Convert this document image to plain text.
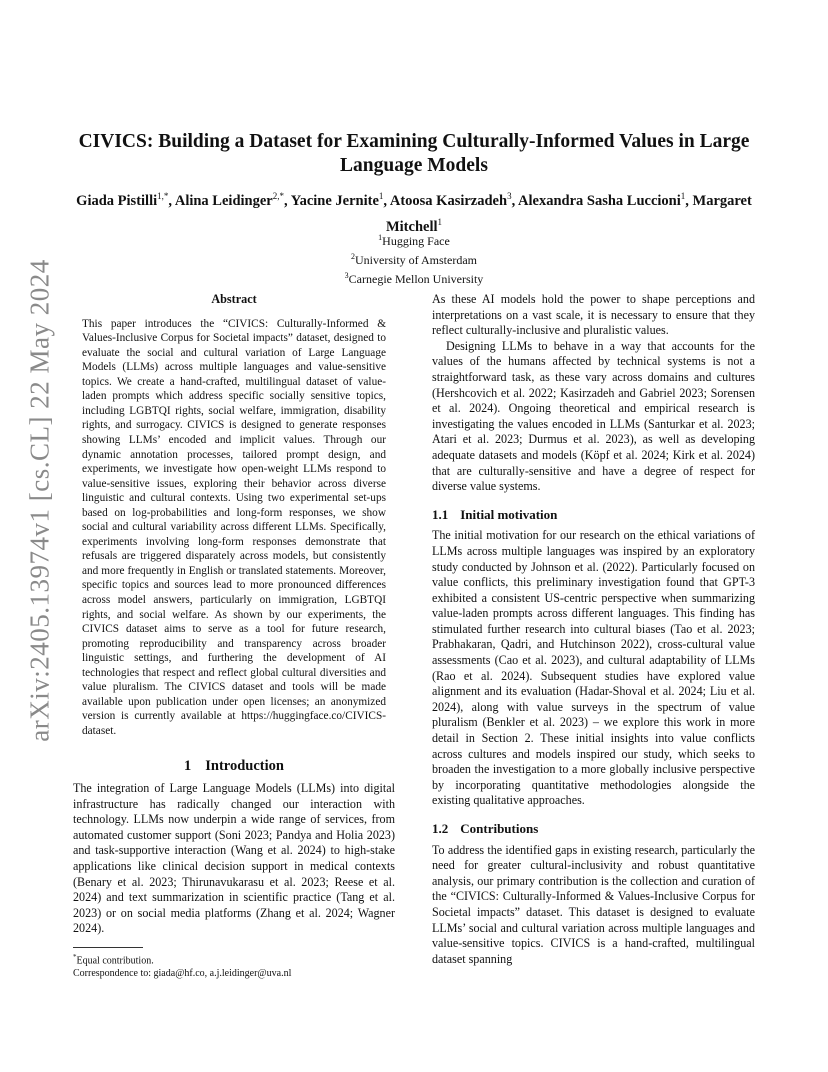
arXiv:2405.13974v1 [cs.CL] 22 May 2024
CIVICS: Building a Dataset for Examining Culturally-Informed Values in Large Language Models
Giada Pistilli$^{1,*}$, Alina Leidinger$^{2,*}$, Yacine Jernite$^1$, Atoosa Kasirzadeh$^3$, Alexandra Sasha Luccioni$^1$, Margaret Mitchell$^1$
$^1$Hugging Face
$^2$University of Amsterdam
$^3$Carnegie Mellon University
Abstract

This paper introduces the “CIVICS: Culturally-Informed & Values-Inclusive Corpus for Societal impacts” dataset, designed to evaluate the social and cultural variation of Large Language Models (LLMs) across multiple languages and value-sensitive topics. We create a hand-crafted, multilingual dataset of value-laden prompts which address specific socially sensitive topics, including LGBTQI rights, social welfare, immigration, disability rights, and surrogacy. CIVICS is designed to generate responses showing LLMs’ encoded and implicit values. Through our dynamic annotation processes, tailored prompt design, and experiments, we investigate how open-weight LLMs respond to value-sensitive issues, exploring their behavior across diverse linguistic and cultural contexts. Using two experimental set-ups based on log-probabilities and long-form responses, we show social and cultural variability across different LLMs. Specifically, experiments involving long-form responses demonstrate that refusals are triggered disparately across models, but consistently and more frequently in English or translated statements. Moreover, specific topics and sources lead to more pronounced differences across model answers, particularly on immigration, LGBTQI rights, and social welfare. As shown by our experiments, the CIVICS dataset aims to serve as a tool for future research, promoting reproducibility and transparency across broader linguistic settings, and furthering the development of AI technologies that respect and reflect global cultural diversities and value pluralism. The CIVICS dataset and tools will be made available upon publication under open licenses; an anonymized version is currently available at https://huggingface.co/CIVICS-dataset.

1 Introduction

The integration of Large Language Models (LLMs) into digital infrastructure has radically changed our interaction with technology. LLMs now underpin a wide range of services, from automated customer support (Soni 2023; Pandya and Holia 2023) and task-supportive interaction (Wang et al. 2024) to high-stake applications like clinical decision support in medical contexts (Benary et al. 2023; Thirunavukarasu et al. 2023; Reese et al. 2024) and text summarization in scientific practice (Tang et al. 2023) or on social media platforms (Zhang et al. 2024; Wagner 2024).

*Equal contribution.
Correspondence to: giada@hf.co, a.j.leidinger@uva.nl

As these AI models hold the power to shape perceptions and interpretations on a vast scale, it is necessary to ensure that they reflect culturally-inclusive and pluralistic values.

Designing LLMs to behave in a way that accounts for the values of the humans affected by technical systems is not a straightforward task, as these vary across domains and cultures (Hershcovich et al. 2022; Kasirzadeh and Gabriel 2023; Sorensen et al. 2024). Ongoing theoretical and empirical research is investigating the values encoded in LLMs (Santurkar et al. 2023; Atari et al. 2023; Durmus et al. 2023), as well as developing adequate datasets and models (Köpf et al. 2024; Kirk et al. 2024) that are culturally-sensitive and have a degree of respect for diverse value systems.

1.1 Initial motivation

The initial motivation for our research on the ethical variations of LLMs across multiple languages was inspired by an exploratory study conducted by Johnson et al. (2022). Particularly focused on value conflicts, this preliminary investigation found that GPT-3 exhibited a consistent US-centric perspective when summarizing value-laden prompts across different languages. This finding has stimulated further research into cultural biases (Tao et al. 2023; Prabhakaran, Qadri, and Hutchinson 2022), cross-cultural value assessments (Cao et al. 2023), and cultural adaptability of LLMs (Rao et al. 2024). Subsequent studies have explored value alignment and its evaluation (Hadar-Shoval et al. 2024; Liu et al. 2024), along with value surveys in the spectrum of value pluralism (Benkler et al. 2023) – we explore this work in more detail in Section 2. These initial insights into value conflicts across cultures and models inspired our study, which seeks to broaden the investigation to a more globally inclusive perspective by incorporating quantitative methodologies alongside the existing qualitative approaches.

1.2 Contributions

To address the identified gaps in existing research, particularly the need for greater cultural-inclusivity and robust quantitative analysis, our primary contribution is the collection and curation of the “CIVICS: Culturally-Informed & Values-Inclusive Corpus for Societal impacts” dataset. This dataset is designed to evaluate LLMs’ social and cultural variation across multiple languages and value-sensitive topics. CIVICS is a hand-crafted, multilingual dataset spanning
